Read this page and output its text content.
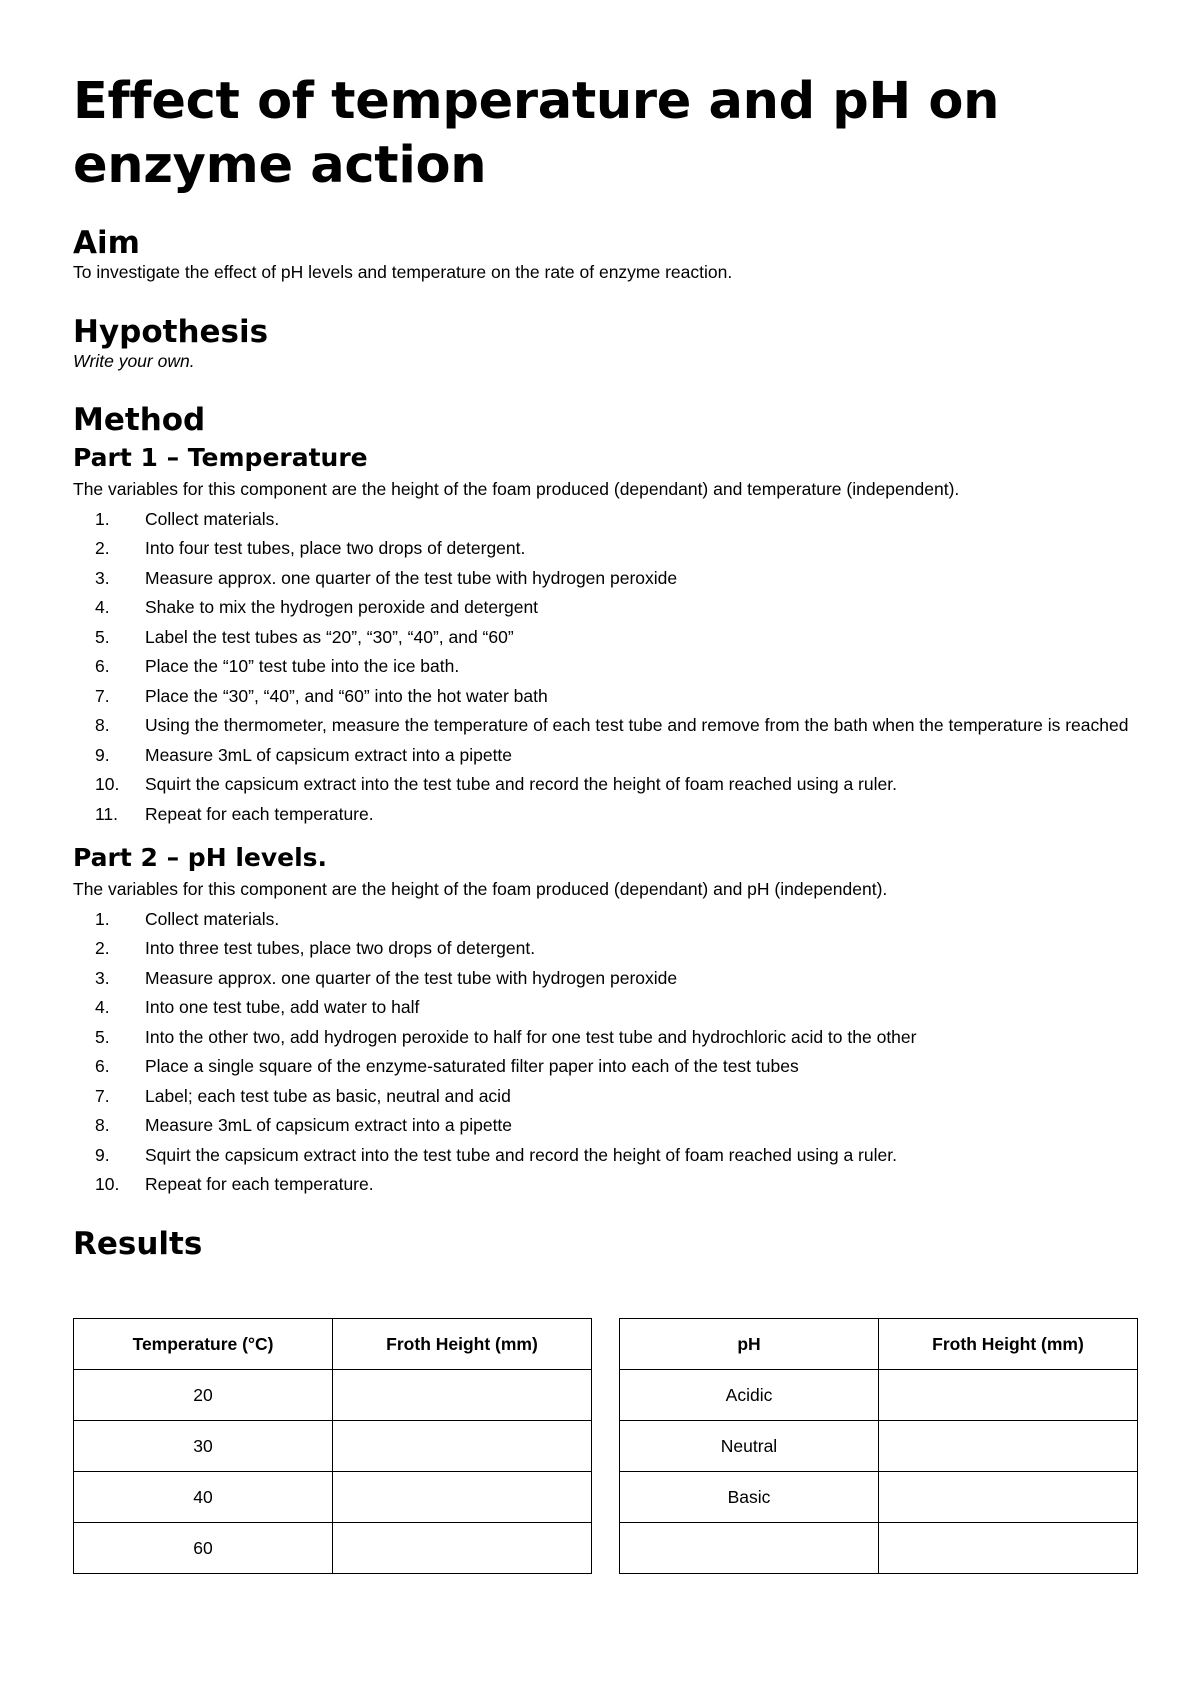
Effect of temperature and pH on enzyme action
Aim

To investigate the effect of pH levels and temperature on the rate of enzyme reaction.

Hypothesis

Write your own.

Method
Part 1 – Temperature

The variables for this component are the height of the foam produced (dependant) and temperature (independent).

1. Collect materials.
2. Into four test tubes, place two drops of detergent.
3. Measure approx. one quarter of the test tube with hydrogen peroxide
4. Shake to mix the hydrogen peroxide and detergent
5. Label the test tubes as “20”, “30”, “40”, and “60”
6. Place the “10” test tube into the ice bath.
7. Place the “30”, “40”, and “60” into the hot water bath
8. Using the thermometer, measure the temperature of each test tube and remove from the bath when the temperature is reached
9. Measure 3mL of capsicum extract into a pipette
10. Squirt the capsicum extract into the test tube and record the height of foam reached using a ruler.
11. Repeat for each temperature.
Part 2 – pH levels.

The variables for this component are the height of the foam produced (dependant) and pH (independent).

1. Collect materials.
2. Into three test tubes, place two drops of detergent.
3. Measure approx. one quarter of the test tube with hydrogen peroxide
4. Into one test tube, add water to half
5. Into the other two, add hydrogen peroxide to half for one test tube and hydrochloric acid to the other
6. Place a single square of the enzyme-saturated filter paper into each of the test tubes
7. Label; each test tube as basic, neutral and acid
8. Measure 3mL of capsicum extract into a pipette
9. Squirt the capsicum extract into the test tube and record the height of foam reached using a ruler.
10. Repeat for each temperature.
Results
Temperature (°C)	Froth Height (mm)
20	
30	
40	
60	
pH	Froth Height (mm)
Acidic	
Neutral	
Basic	
